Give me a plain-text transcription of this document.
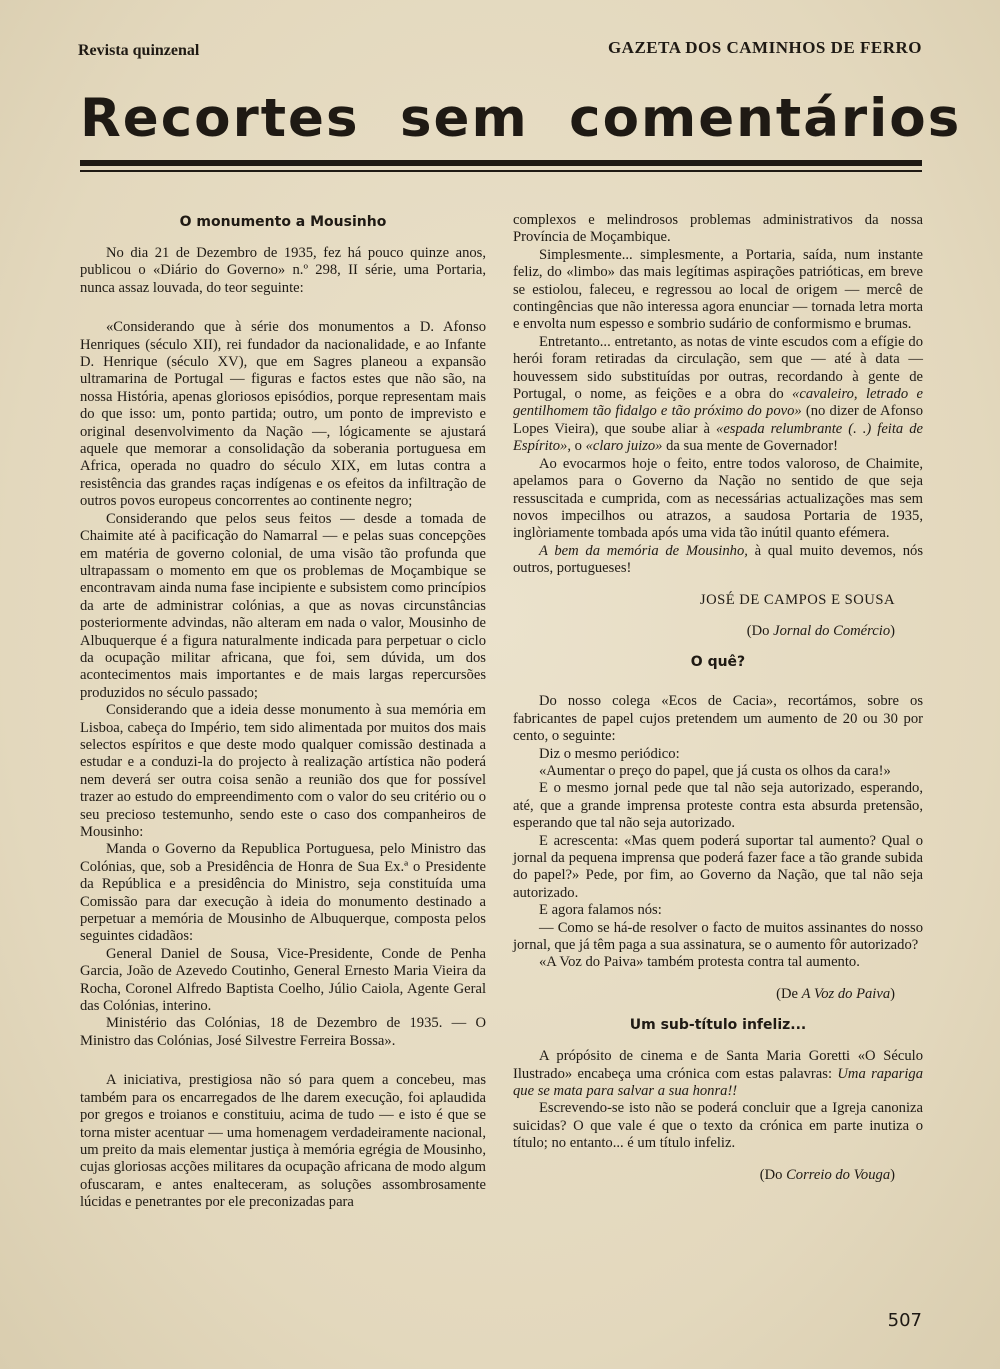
Revista quinzenal	GAZETA DOS CAMINHOS DE FERRO
Recortes sem comentários
O monumento a Mousinho

No dia 21 de Dezembro de 1935, fez há pouco quinze anos, publicou o «Diário do Governo» n.º 298, II série, uma Portaria, nunca assaz louvada, do teor seguinte:

«Considerando que à série dos monumentos a D. Afonso Henriques (século XII), rei fundador da nacionalidade, e ao Infante D. Henrique (século XV), que em Sagres planeou a expansão ultramarina de Portugal — figuras e factos estes que não são, na nossa História, apenas gloriosos episódios, porque representam mais do que isso: um, ponto partida; outro, um ponto de imprevisto e original desenvolvimento da Nação —, lógicamente se ajustará aquele que memorar a consolidação da soberania portuguesa em Africa, operada no quadro do século XIX, em lutas contra a resistência das grandes raças indígenas e os efeitos da infiltração de outros povos europeus concorrentes ao continente negro;

Considerando que pelos seus feitos — desde a tomada de Chaimite até à pacificação do Namarral — e pelas suas concepções em matéria de governo colonial, de uma visão tão profunda que ultrapassam o momento em que os problemas de Moçambique se encontravam ainda numa fase incipiente e subsistem como princípios da arte de administrar colónias, a que as novas circunstâncias posteriormente advindas, não alteram em nada o valor, Mousinho de Albuquerque é a figura naturalmente indicada para perpetuar o ciclo da ocupação militar africana, que foi, sem dúvida, um dos acontecimentos mais importantes e de mais largas repercursões produzidos no século passado;

Considerando que a ideia desse monumento à sua memória em Lisboa, cabeça do Império, tem sido alimentada por muitos dos mais selectos espíritos e que deste modo qualquer comissão destinada a estudar e a conduzi-la do projecto à realização artística não poderá nem deverá ser outra coisa senão a reunião dos que for possível trazer ao estudo do empreendimento com o valor do seu critério ou o seu precioso testemunho, sendo este o caso dos companheiros de Mousinho:

Manda o Governo da Republica Portuguesa, pelo Ministro das Colónias, que, sob a Presidência de Honra de Sua Ex.ª o Presidente da República e a presidência do Ministro, seja constituída uma Comissão para dar execução à ideia do monumento destinado a perpetuar a memória de Mousinho de Albuquerque, composta pelos seguintes cidadãos:

General Daniel de Sousa, Vice-Presidente, Conde de Penha Garcia, João de Azevedo Coutinho, General Ernesto Maria Vieira da Rocha, Coronel Alfredo Baptista Coelho, Júlio Caiola, Agente Geral das Colónias, interino.

Ministério das Colónias, 18 de Dezembro de 1935. — O Ministro das Colónias, José Silvestre Ferreira Bossa».

A iniciativa, prestigiosa não só para quem a concebeu, mas também para os encarregados de lhe darem execução, foi aplaudida por gregos e troianos e constituiu, acima de tudo — e isto é que se torna mister acentuar — uma homenagem verdadeiramente nacional, um preito da mais elementar justiça à memória egrégia de Mousinho, cujas gloriosas acções militares da ocupação africana de modo algum ofuscaram, e antes enalteceram, as soluções assombrosamente lúcidas e penetrantes por ele preconizadas para

complexos e melindrosos problemas administrativos da nossa Província de Moçambique.

Simplesmente... simplesmente, a Portaria, saída, num instante feliz, do «limbo» das mais legítimas aspirações patrióticas, em breve se estiolou, faleceu, e regressou ao local de origem — mercê de contingências que não interessa agora enunciar — tornada letra morta e envolta num espesso e sombrio sudário de conformismo e brumas.

Entretanto... entretanto, as notas de vinte escudos com a efígie do herói foram retiradas da circulação, sem que — até à data — houvessem sido substituídas por outras, recordando à gente de Portugal, o nome, as feições e a obra do «cavaleiro, letrado e gentilhomem tão fidalgo e tão próximo do povo» (no dizer de Afonso Lopes Vieira), que soube aliar à «espada relumbrante (. .) feita de Espírito», o «claro juizo» da sua mente de Governador!

Ao evocarmos hoje o feito, entre todos valoroso, de Chaimite, apelamos para o Governo da Nação no sentido de que seja ressuscitada e cumprida, com as necessárias actualizações mas sem novos impecilhos ou atrazos, a saudosa Portaria de 1935, inglòriamente tombada após uma vida tão inútil quanto efémera.

A bem da memória de Mousinho, à qual muito devemos, nós outros, portugueses!

JOSÉ DE CAMPOS E SOUSA

(Do Jornal do Comércio)

O quê?

Do nosso colega «Ecos de Cacia», recortámos, sobre os fabricantes de papel cujos pretendem um aumento de 20 ou 30 por cento, o seguinte:

Diz o mesmo periódico:

«Aumentar o preço do papel, que já custa os olhos da cara!»

E o mesmo jornal pede que tal não seja autorizado, esperando, até, que a grande imprensa proteste contra esta absurda pretensão, esperando que tal não seja autorizado.

E acrescenta: «Mas quem poderá suportar tal aumento? Qual o jornal da pequena imprensa que poderá fazer face a tão grande subida do papel?» Pede, por fim, ao Governo da Nação, que tal não seja autorizado.

E agora falamos nós:

— Como se há-de resolver o facto de muitos assinantes do nosso jornal, que já têm paga a sua assinatura, se o aumento fôr autorizado?

«A Voz do Paiva» também protesta contra tal aumento.

(De A Voz do Paiva)

Um sub-título infeliz...

A própósito de cinema e de Santa Maria Goretti «O Século Ilustrado» encabeça uma crónica com estas palavras: Uma rapariga que se mata para salvar a sua honra!!

Escrevendo-se isto não se poderá concluir que a Igreja canoniza suicidas? O que vale é que o texto da crónica em parte inutiza o título; no entanto... é um título infeliz.

(Do Correio do Vouga)

507
